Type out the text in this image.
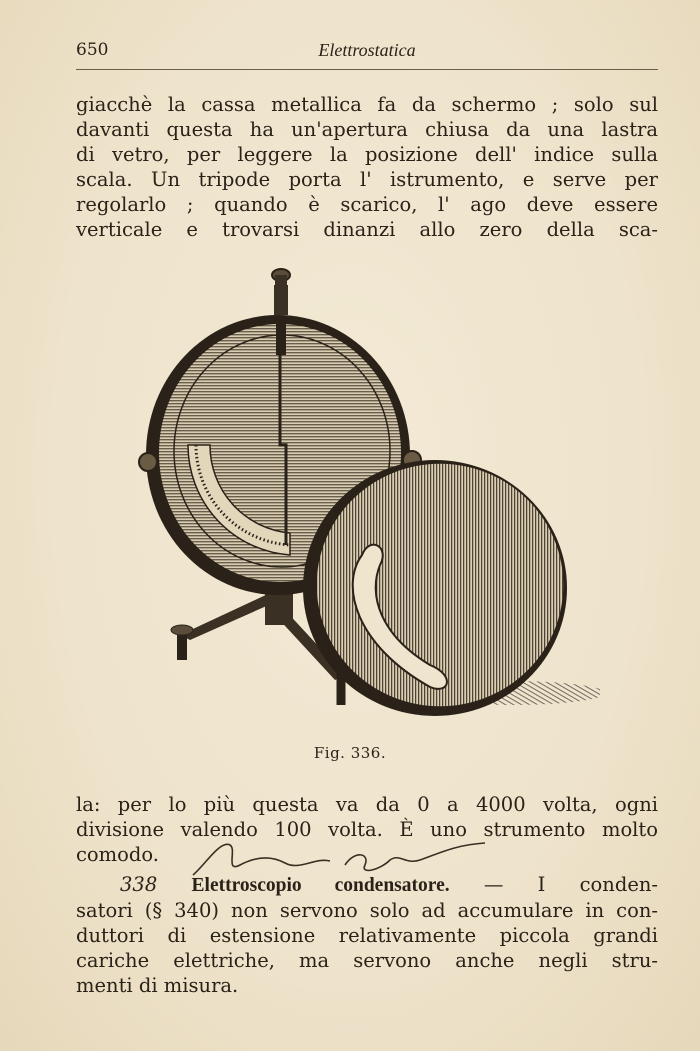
650	Elettrostatica
giacchè la cassa metallica fa da schermo ; solo sul
davanti questa ha un'apertura chiusa da una lastra
di vetro, per leggere la posizione dell' indice sulla
scala. Un tripode porta l' istrumento, e serve per
regolarlo ; quando è scarico, l' ago deve essere
verticale e trovarsi dinanzi allo zero della sca-
Fig. 336.
la: per lo più questa va da 0 a 4000 volta, ogni
divisione valendo 100 volta. È uno strumento molto
comodo.
338 Elettroscopio condensatore. — I conden-
satori (§ 340) non servono solo ad accumulare in con-
duttori di estensione relativamente piccola grandi
cariche elettriche, ma servono anche negli stru-
menti di misura.
